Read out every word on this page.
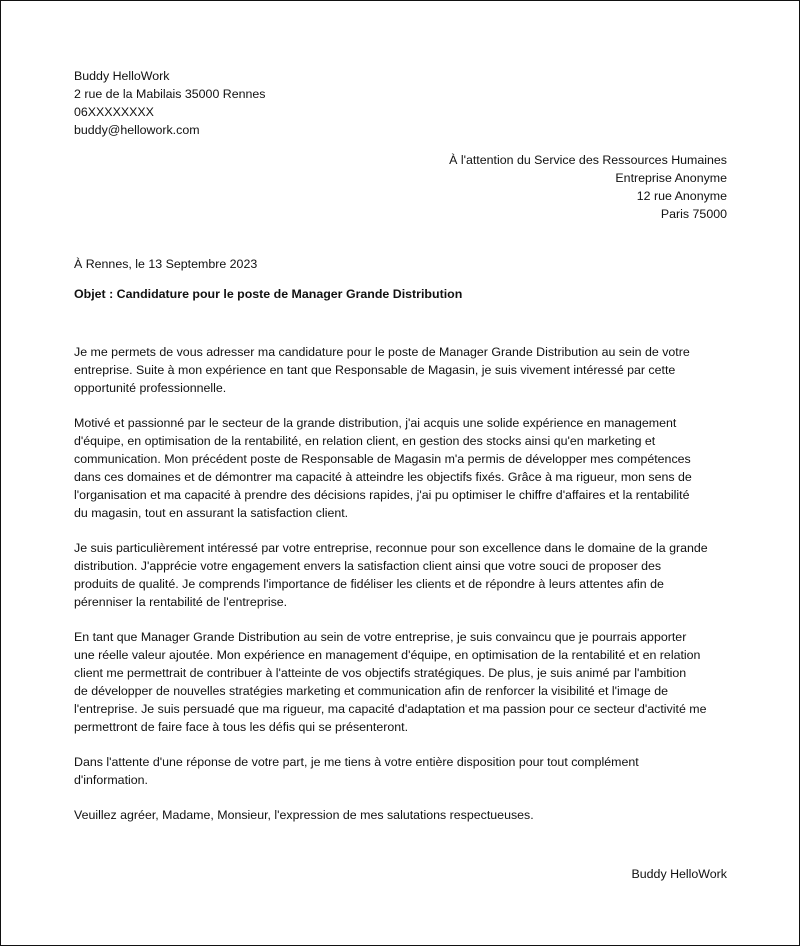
Buddy HelloWork
2 rue de la Mabilais 35000 Rennes
06XXXXXXXX
buddy@hellowork.com
À l'attention du Service des Ressources Humaines
Entreprise Anonyme
12 rue Anonyme
Paris 75000
À Rennes, le 13 Septembre 2023
Objet : Candidature pour le poste de Manager Grande Distribution

Je me permets de vous adresser ma candidature pour le poste de Manager Grande Distribution au sein de votre
entreprise. Suite à mon expérience en tant que Responsable de Magasin, je suis vivement intéressé par cette
opportunité professionnelle.

Motivé et passionné par le secteur de la grande distribution, j'ai acquis une solide expérience en management
d'équipe, en optimisation de la rentabilité, en relation client, en gestion des stocks ainsi qu'en marketing et
communication. Mon précédent poste de Responsable de Magasin m'a permis de développer mes compétences
dans ces domaines et de démontrer ma capacité à atteindre les objectifs fixés. Grâce à ma rigueur, mon sens de
l'organisation et ma capacité à prendre des décisions rapides, j'ai pu optimiser le chiffre d'affaires et la rentabilité
du magasin, tout en assurant la satisfaction client.

Je suis particulièrement intéressé par votre entreprise, reconnue pour son excellence dans le domaine de la grande
distribution. J'apprécie votre engagement envers la satisfaction client ainsi que votre souci de proposer des
produits de qualité. Je comprends l'importance de fidéliser les clients et de répondre à leurs attentes afin de
pérenniser la rentabilité de l'entreprise.

En tant que Manager Grande Distribution au sein de votre entreprise, je suis convaincu que je pourrais apporter
une réelle valeur ajoutée. Mon expérience en management d'équipe, en optimisation de la rentabilité et en relation
client me permettrait de contribuer à l'atteinte de vos objectifs stratégiques. De plus, je suis animé par l'ambition
de développer de nouvelles stratégies marketing et communication afin de renforcer la visibilité et l'image de
l'entreprise. Je suis persuadé que ma rigueur, ma capacité d'adaptation et ma passion pour ce secteur d'activité me
permettront de faire face à tous les défis qui se présenteront.

Dans l'attente d'une réponse de votre part, je me tiens à votre entière disposition pour tout complément
d'information.

Veuillez agréer, Madame, Monsieur, l'expression de mes salutations respectueuses.

Buddy HelloWork
